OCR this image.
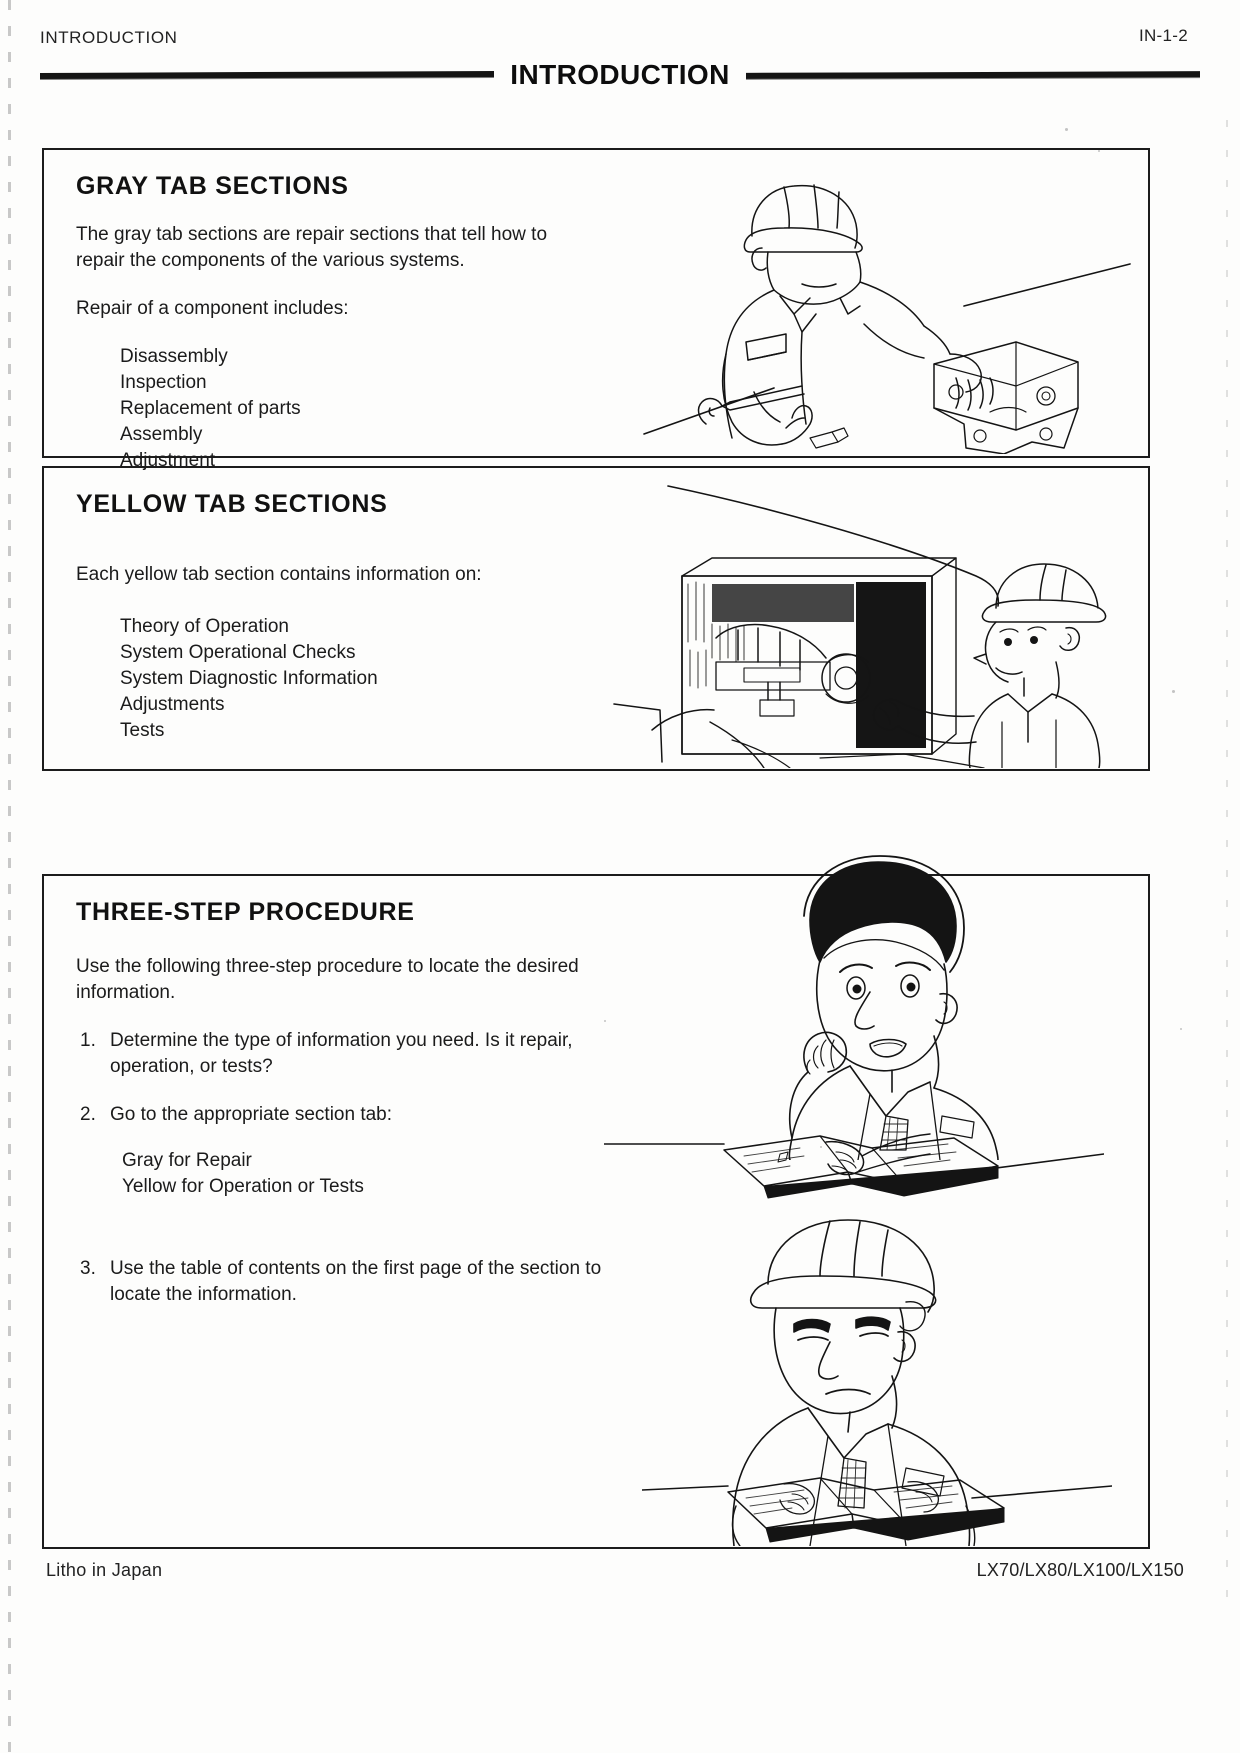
INTRODUCTION	IN-1-2
INTRODUCTION
GRAY TAB SECTIONS

The gray tab sections are repair sections that tell how to repair the components of the various systems.

Repair of a component includes:

Disassembly
Inspection
Replacement of parts
Assembly
Adjustment
YELLOW TAB SECTIONS

Each yellow tab section contains information on:

Theory of Operation
System Operational Checks
System Diagnostic Information
Adjustments
Tests
THREE-STEP PROCEDURE

Use the following three-step procedure to locate the desired information.

1. Determine the type of information you need. Is it repair, operation, or tests?
2. Go to the appropriate section tab:
Gray for Repair
Yellow for Operation or Tests
3. Use the table of contents on the first page of the section to locate the information.
Litho in Japan	LX70/LX80/LX100/LX150
